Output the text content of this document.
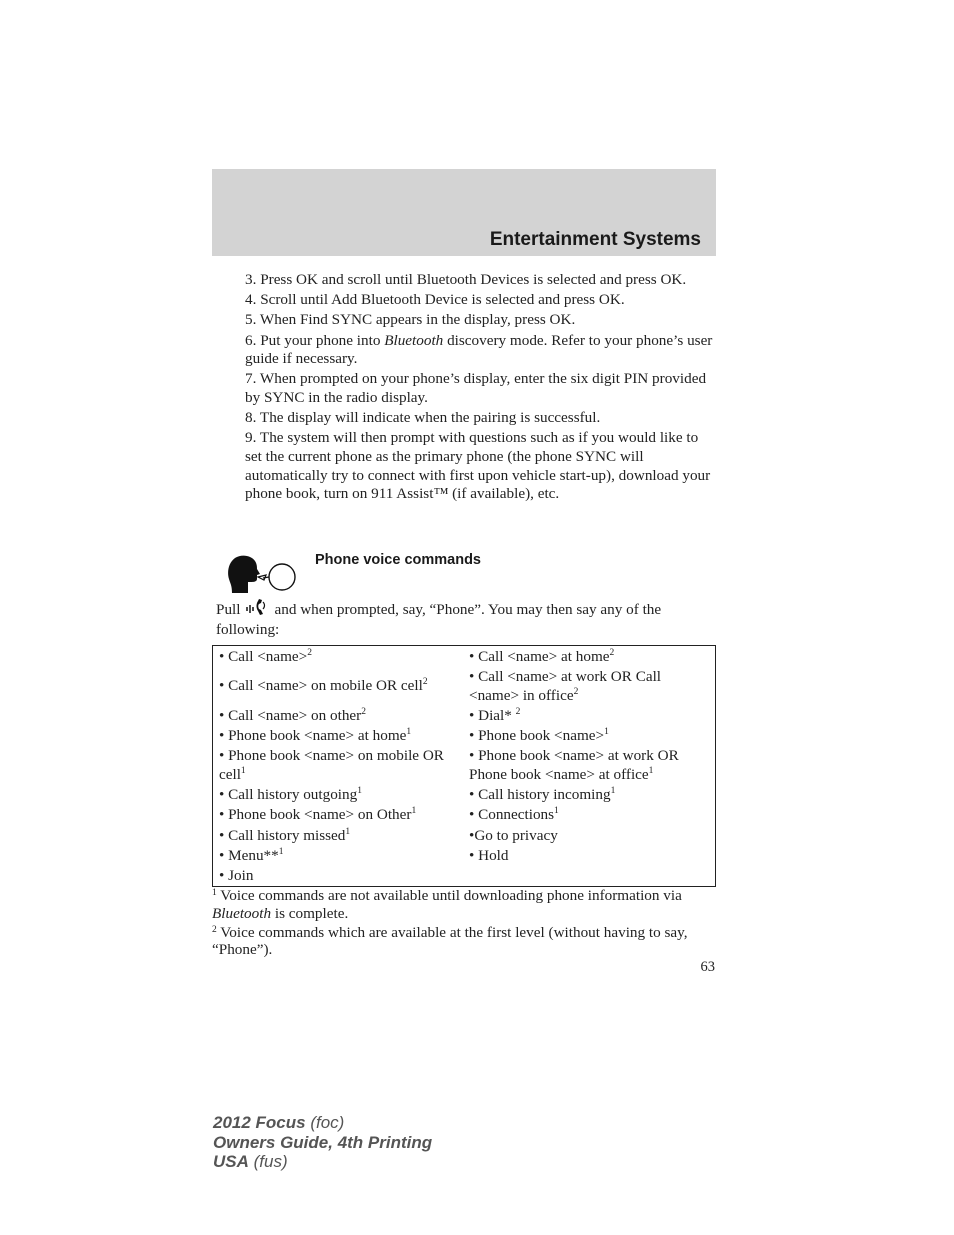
Entertainment Systems

3. Press OK and scroll until Bluetooth Devices is selected and press OK.

4. Scroll until Add Bluetooth Device is selected and press OK.

5. When Find SYNC appears in the display, press OK.

6. Put your phone into Bluetooth discovery mode. Refer to your phone’s user guide if necessary.

7. When prompted on your phone’s display, enter the six digit PIN provided by SYNC in the radio display.

8. The display will indicate when the pairing is successful.

9. The system will then prompt with questions such as if you would like to set the current phone as the primary phone (the phone SYNC will automatically try to connect with first upon vehicle start-up), download your phone book, turn on 911 Assist™ (if available), etc.

Phone voice commands
Pull and when prompted, say, “Phone”. You may then say any of the following:
• Call <name>$^2$
• Call <name> on mobile OR cell$^2$
• Call <name> on other$^2$
• Phone book <name> at home$^1$
• Phone book <name> on mobile OR cell$^1$
• Call history outgoing$^1$
• Phone book <name> on Other$^1$
• Call history missed$^1$
• Menu**$^1$
• Join
• Call <name> at home$^2$
• Call <name> at work OR Call <name> in office$^2$
• Dial* $^2$
• Phone book <name>$^1$
• Phone book <name> at work OR Phone book <name> at office$^1$
• Call history incoming$^1$
• Connections$^1$
•Go to privacy
• Hold

$^1$ Voice commands are not available until downloading phone information via Bluetooth is complete.

$^2$ Voice commands which are available at the first level (without having to say, “Phone”).

63
2012 Focus (foc)
Owners Guide, 4th Printing
USA (fus)
